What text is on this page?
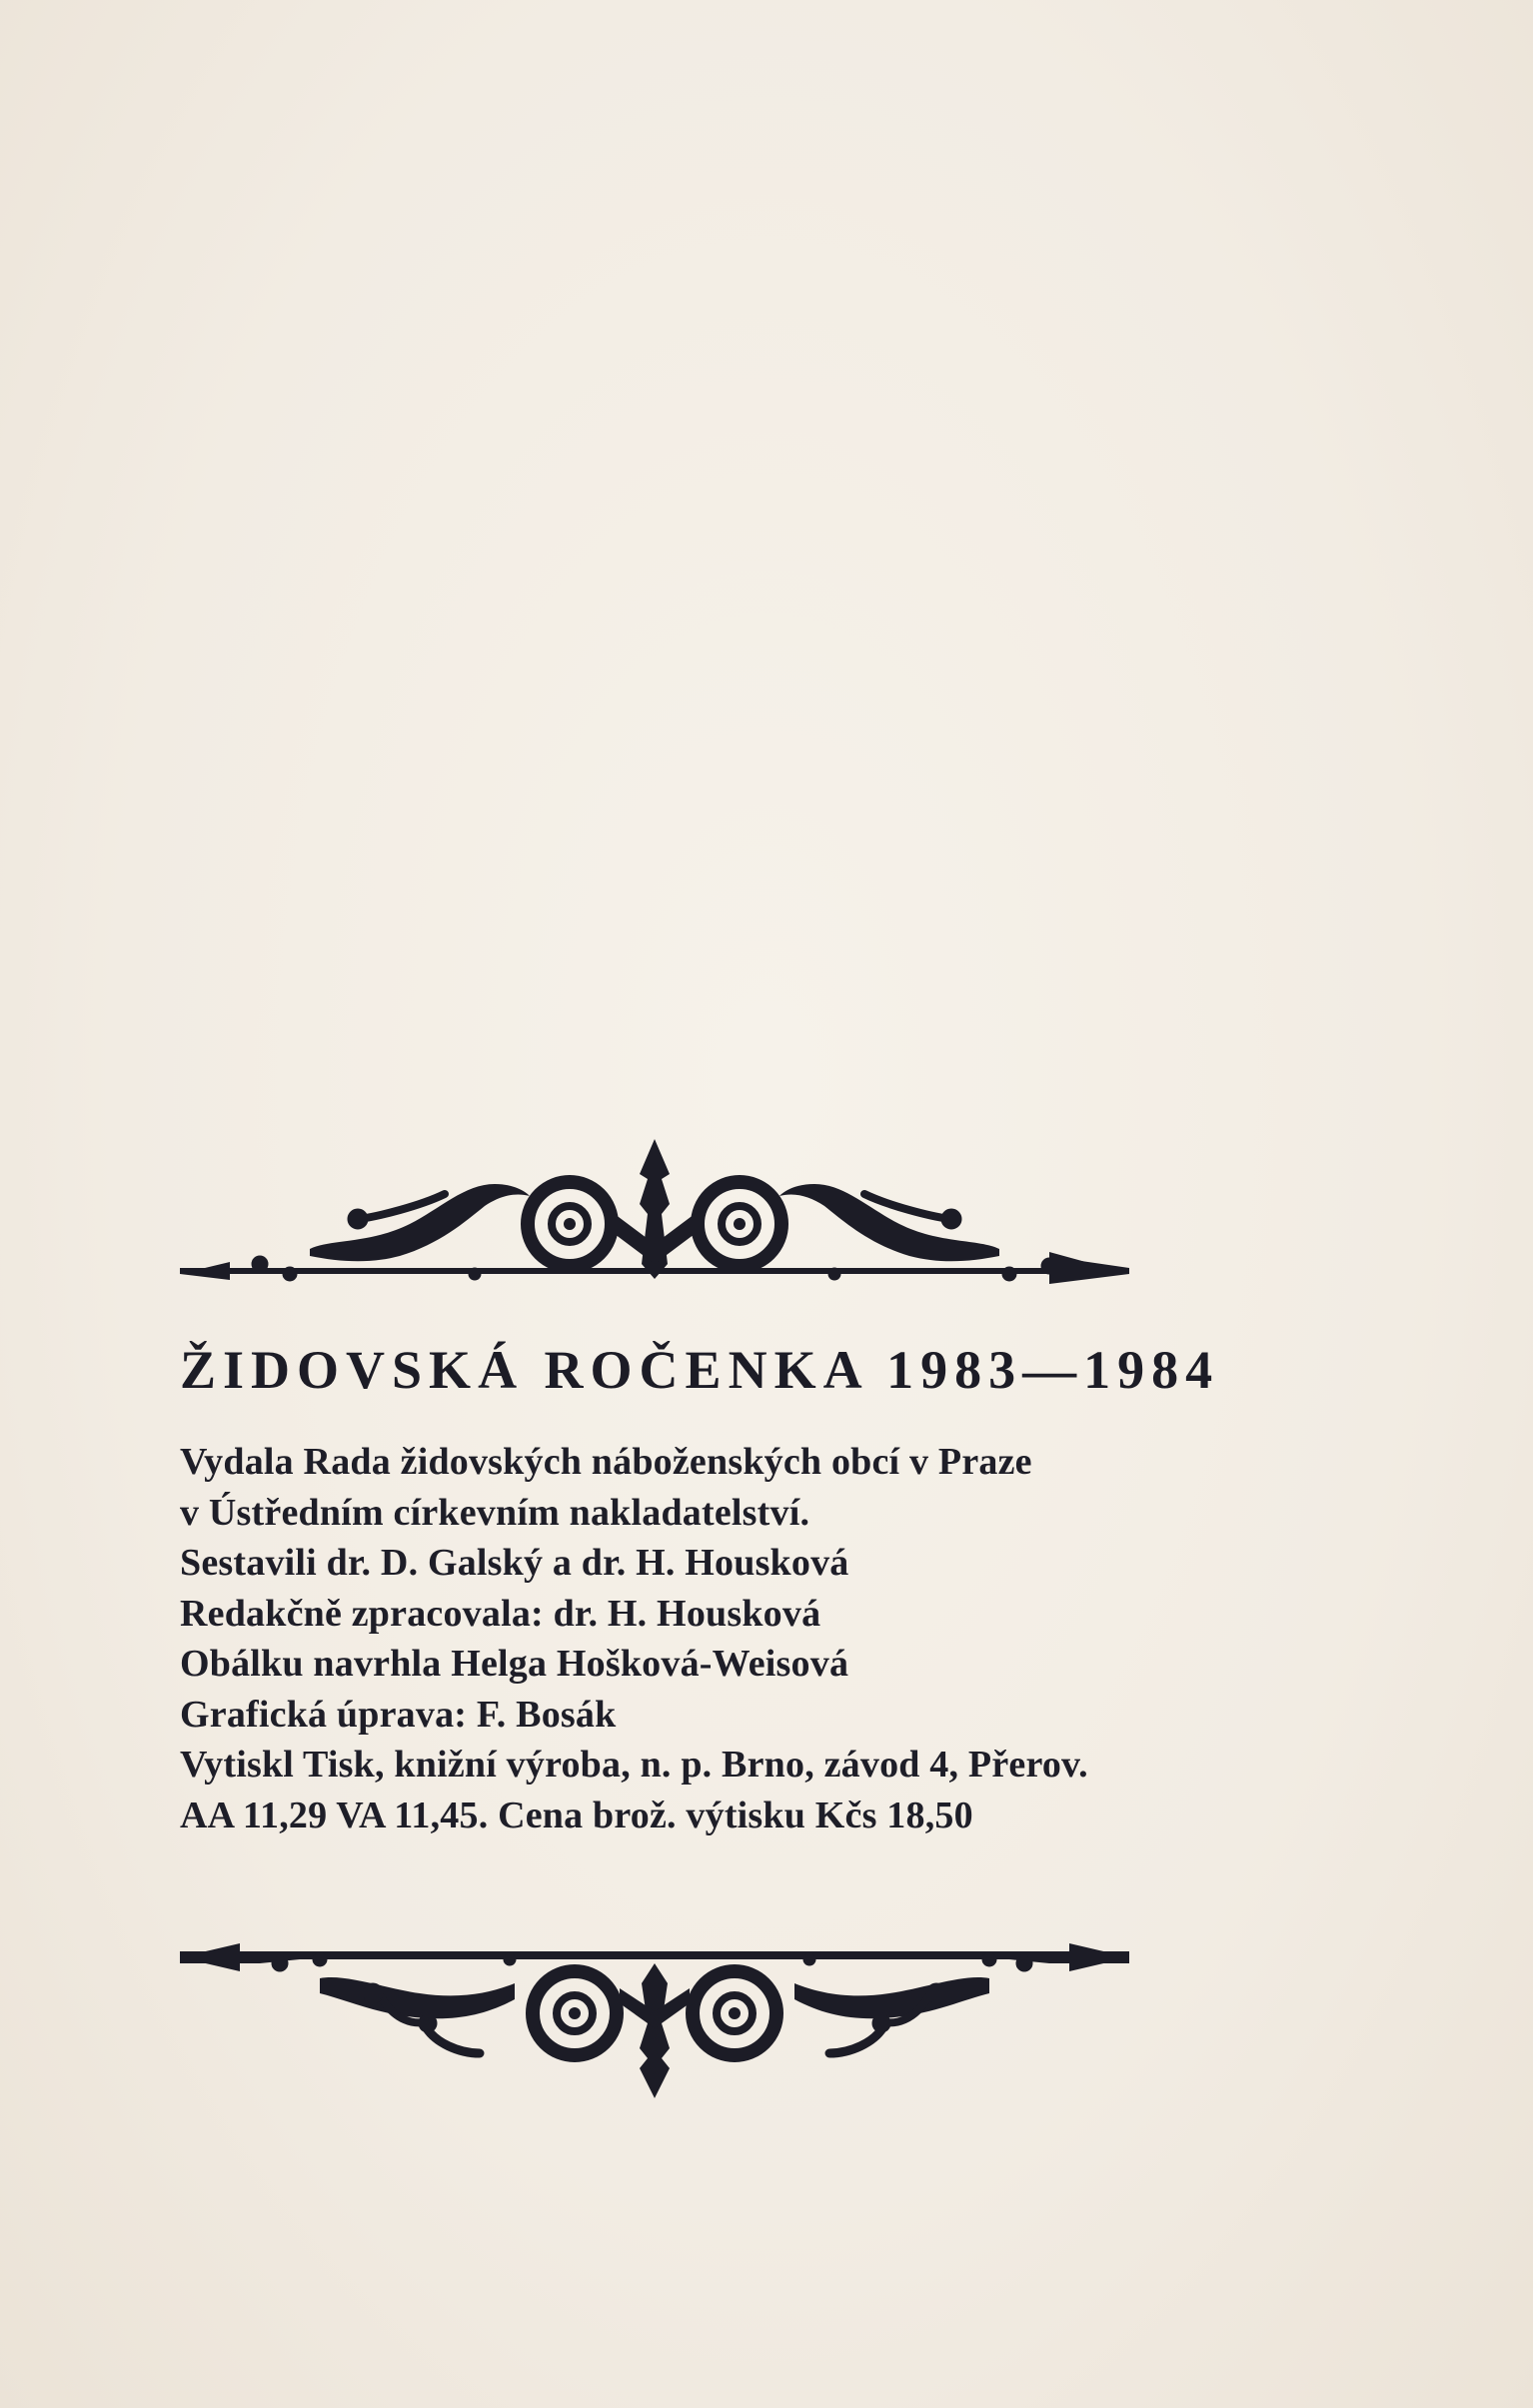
ŽIDOVSKÁ ROČENKA 1983—1984
Vydala Rada židovských náboženských obcí v Praze
v Ústředním církevním nakladatelství.
Sestavili dr. D. Galský a dr. H. Housková
Redakčně zpracovala: dr. H. Housková
Obálku navrhla Helga Hošková-Weisová
Grafická úprava: F. Bosák
Vytiskl Tisk, knižní výroba, n. p. Brno, závod 4, Přerov.
AA 11,29 VA 11,45. Cena brož. výtisku Kčs 18,50
